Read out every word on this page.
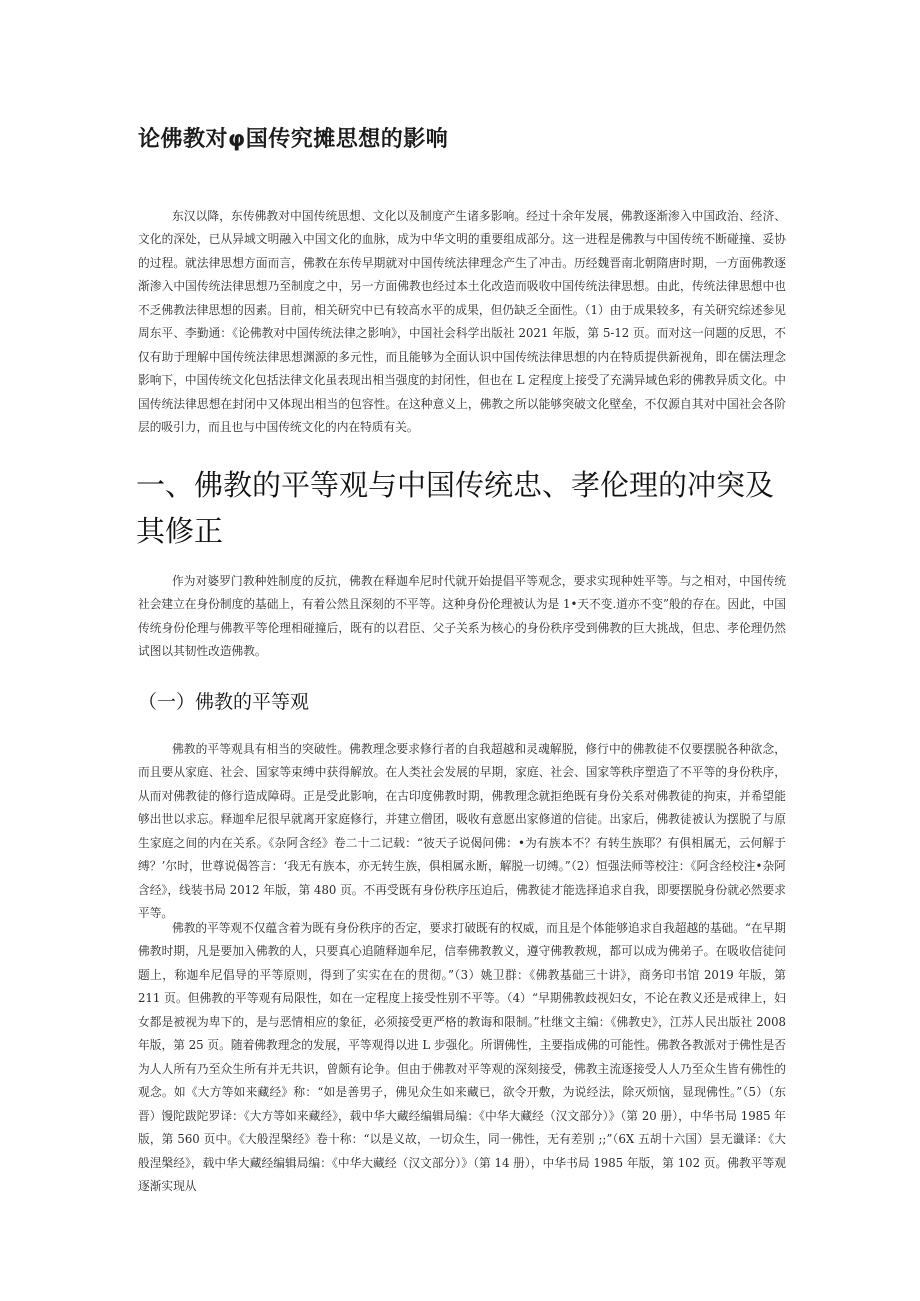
论佛教对φ国传究摊思想的影响

东汉以降，东传佛教对中国传统思想、文化以及制度产生诸多影响。经过十余年发展，佛教逐渐渗入中国政治、经济、文化的深处，已从异域文明融入中国文化的血脉，成为中华文明的重要组成部分。这一进程是佛教与中国传统不断碰撞、妥协的过程。就法律思想方面而言，佛教在东传早期就对中国传统法律理念产生了冲击。历经魏晋南北朝隋唐时期，一方面佛教逐渐渗入中国传统法律思想乃至制度之中，另一方面佛教也经过本土化改造而吸收中国传统法律思想。由此，传统法律思想中也不乏佛教法律思想的因素。目前，相关研究中已有较高水平的成果，但仍缺乏全面性。（1）由于成果较多，有关研究综述参见周东平、李勤通：《论佛教对中国传统法律之影响》，中国社会科学出版社 2021 年版，第 5-12 页。而对这一问题的反思，不仅有助于理解中国传统法律思想渊源的多元性，而且能够为全面认识中国传统法律思想的内在特质提供新视角，即在儒法理念影响下，中国传统文化包括法律文化虽表现出相当强度的封闭性，但也在 L 定程度上接受了充满异域色彩的佛教异质文化。中国传统法律思想在封闭中又体现出相当的包容性。在这种意义上，佛教之所以能够突破文化壁垒，不仅源自其对中国社会各阶层的吸引力，而且也与中国传统文化的内在特质有关。

一、佛教的平等观与中国传统忠、孝伦理的冲突及其修正

作为对婆罗门教种姓制度的反抗，佛教在释迦牟尼时代就开始提倡平等观念，要求实现种姓平等。与之相对，中国传统社会建立在身份制度的基础上，有着公然且深刻的不平等。这种身份伦理被认为是 1•天不变.道亦不变”般的存在。因此，中国传统身份伦理与佛教平等伦理相碰撞后，既有的以君臣、父子关系为核心的身份秩序受到佛教的巨大挑战，但忠、孝伦理仍然试图以其韧性改造佛教。

（一）佛教的平等观

佛教的平等观具有相当的突破性。佛教理念要求修行者的自我超越和灵魂解脱，修行中的佛教徒不仅要摆脱各种欲念，而且要从家庭、社会、国家等束缚中获得解放。在人类社会发展的早期，家庭、社会、国家等秩序塑造了不平等的身份秩序，从而对佛教徒的修行造成障碍。正是受此影响，在古印度佛教时期，佛教理念就拒绝既有身份关系对佛教徒的拘束，并希望能够出世以求忘。释迦牟尼很早就离开家庭修行，并建立僧团，吸收有意愿出家修道的信徒。出家后，佛教徒被认为摆脱了与原生家庭之间的内在关系。《杂阿含经》卷二十二记载：“彼天子说偈问佛：•为有族本不？有转生族耶？有俱相属无，云何解于缚？’尔时，世尊说偈答言：‘我无有族本，亦无转生族，俱相属永断，解脱一切缚。”（2）恒强法师等校注：《阿含经校注•杂阿含经》，线装书局 2012 年版，第 480 页。不再受既有身份秩序压迫后，佛教徒才能选择追求自我，即要摆脱身份就必然要求平等。

佛教的平等观不仅蕴含着为既有身份秩序的否定，要求打破既有的权威，而且是个体能够追求自我超越的基础。“在早期佛教时期，凡是要加入佛教的人，只要真心追随释迦牟尼，信奉佛教教义，遵守佛教教规，都可以成为佛弟子。在吸收信徒问题上，称迦牟尼倡导的平等原则，得到了实实在在的贯彻。”（3）姚卫群：《佛教基础三十讲》，商务印书馆 2019 年版，第 211 页。但佛教的平等观有局限性，如在一定程度上接受性别不平等。（4）“早期佛教歧视妇女，不论在教义还是戒律上，妇女都是被视为卑下的，是与恶情相应的象征，必须接受更严格的教诲和限制。”杜继文主编：《佛教史》，江苏人民出版社 2008 年版，第 25 页。随着佛教理念的发展，平等观得以进 L 步强化。所谓佛性，主要指成佛的可能性。佛教各教派对于佛性是否为人人所有乃至众生所有并无共识，曾颇有论争。但由于佛教对平等观的深刻接受，佛教主流逐接受人人乃至众生皆有佛性的观念。如《大方等如来藏经》称：“如是善男子，佛见众生如来藏已，欲令开敷，为说经法，除灭烦恼，显现佛性。”（5）（东晋）馒陀跋陀罗译：《大方等如来藏经》，载中华大藏经编辑局编：《中华大藏经（汉文部分）》（第 20 册），中华书局 1985 年版，第 560 页中。《大般涅槃经》卷十称：“以是义故，一切众生，同一佛性，无有差别 ;;”（6X 五胡十六国）昙无谶译：《大般涅槃经》，载中华大藏经编辑局编：《中华大藏经（汉文部分）》（第 14 册），中华书局 1985 年版，第 102 页。佛教平等观逐渐实现从
